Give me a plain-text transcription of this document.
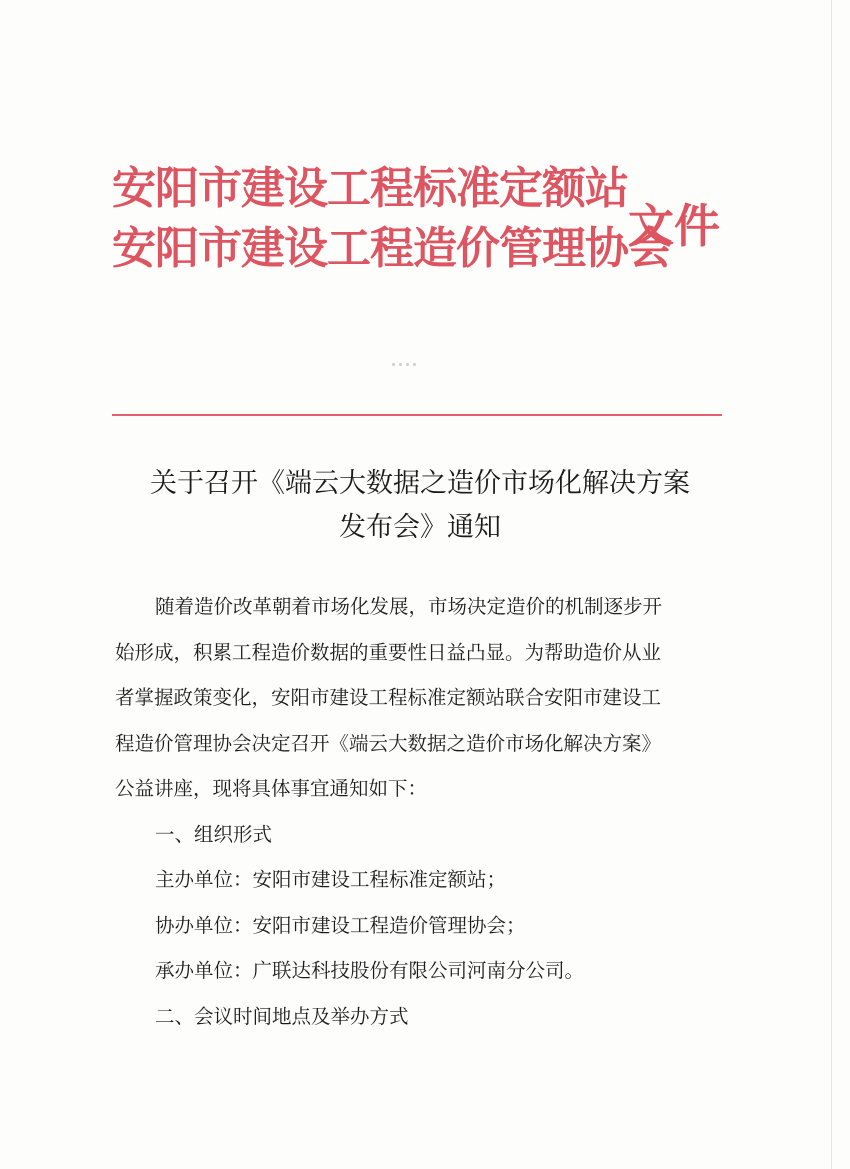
安阳市建设工程标准定额站
安阳市建设工程造价管理协会
文件
关于召开《端云大数据之造价市场化解决方案
发布会》通知
随着造价改革朝着市场化发展，市场决定造价的机制逐步开
始形成，积累工程造价数据的重要性日益凸显。为帮助造价从业
者掌握政策变化，安阳市建设工程标准定额站联合安阳市建设工
程造价管理协会决定召开《端云大数据之造价市场化解决方案》
公益讲座，现将具体事宜通知如下：
一、组织形式
主办单位：安阳市建设工程标准定额站；
协办单位：安阳市建设工程造价管理协会；
承办单位：广联达科技股份有限公司河南分公司。
二、会议时间地点及举办方式
